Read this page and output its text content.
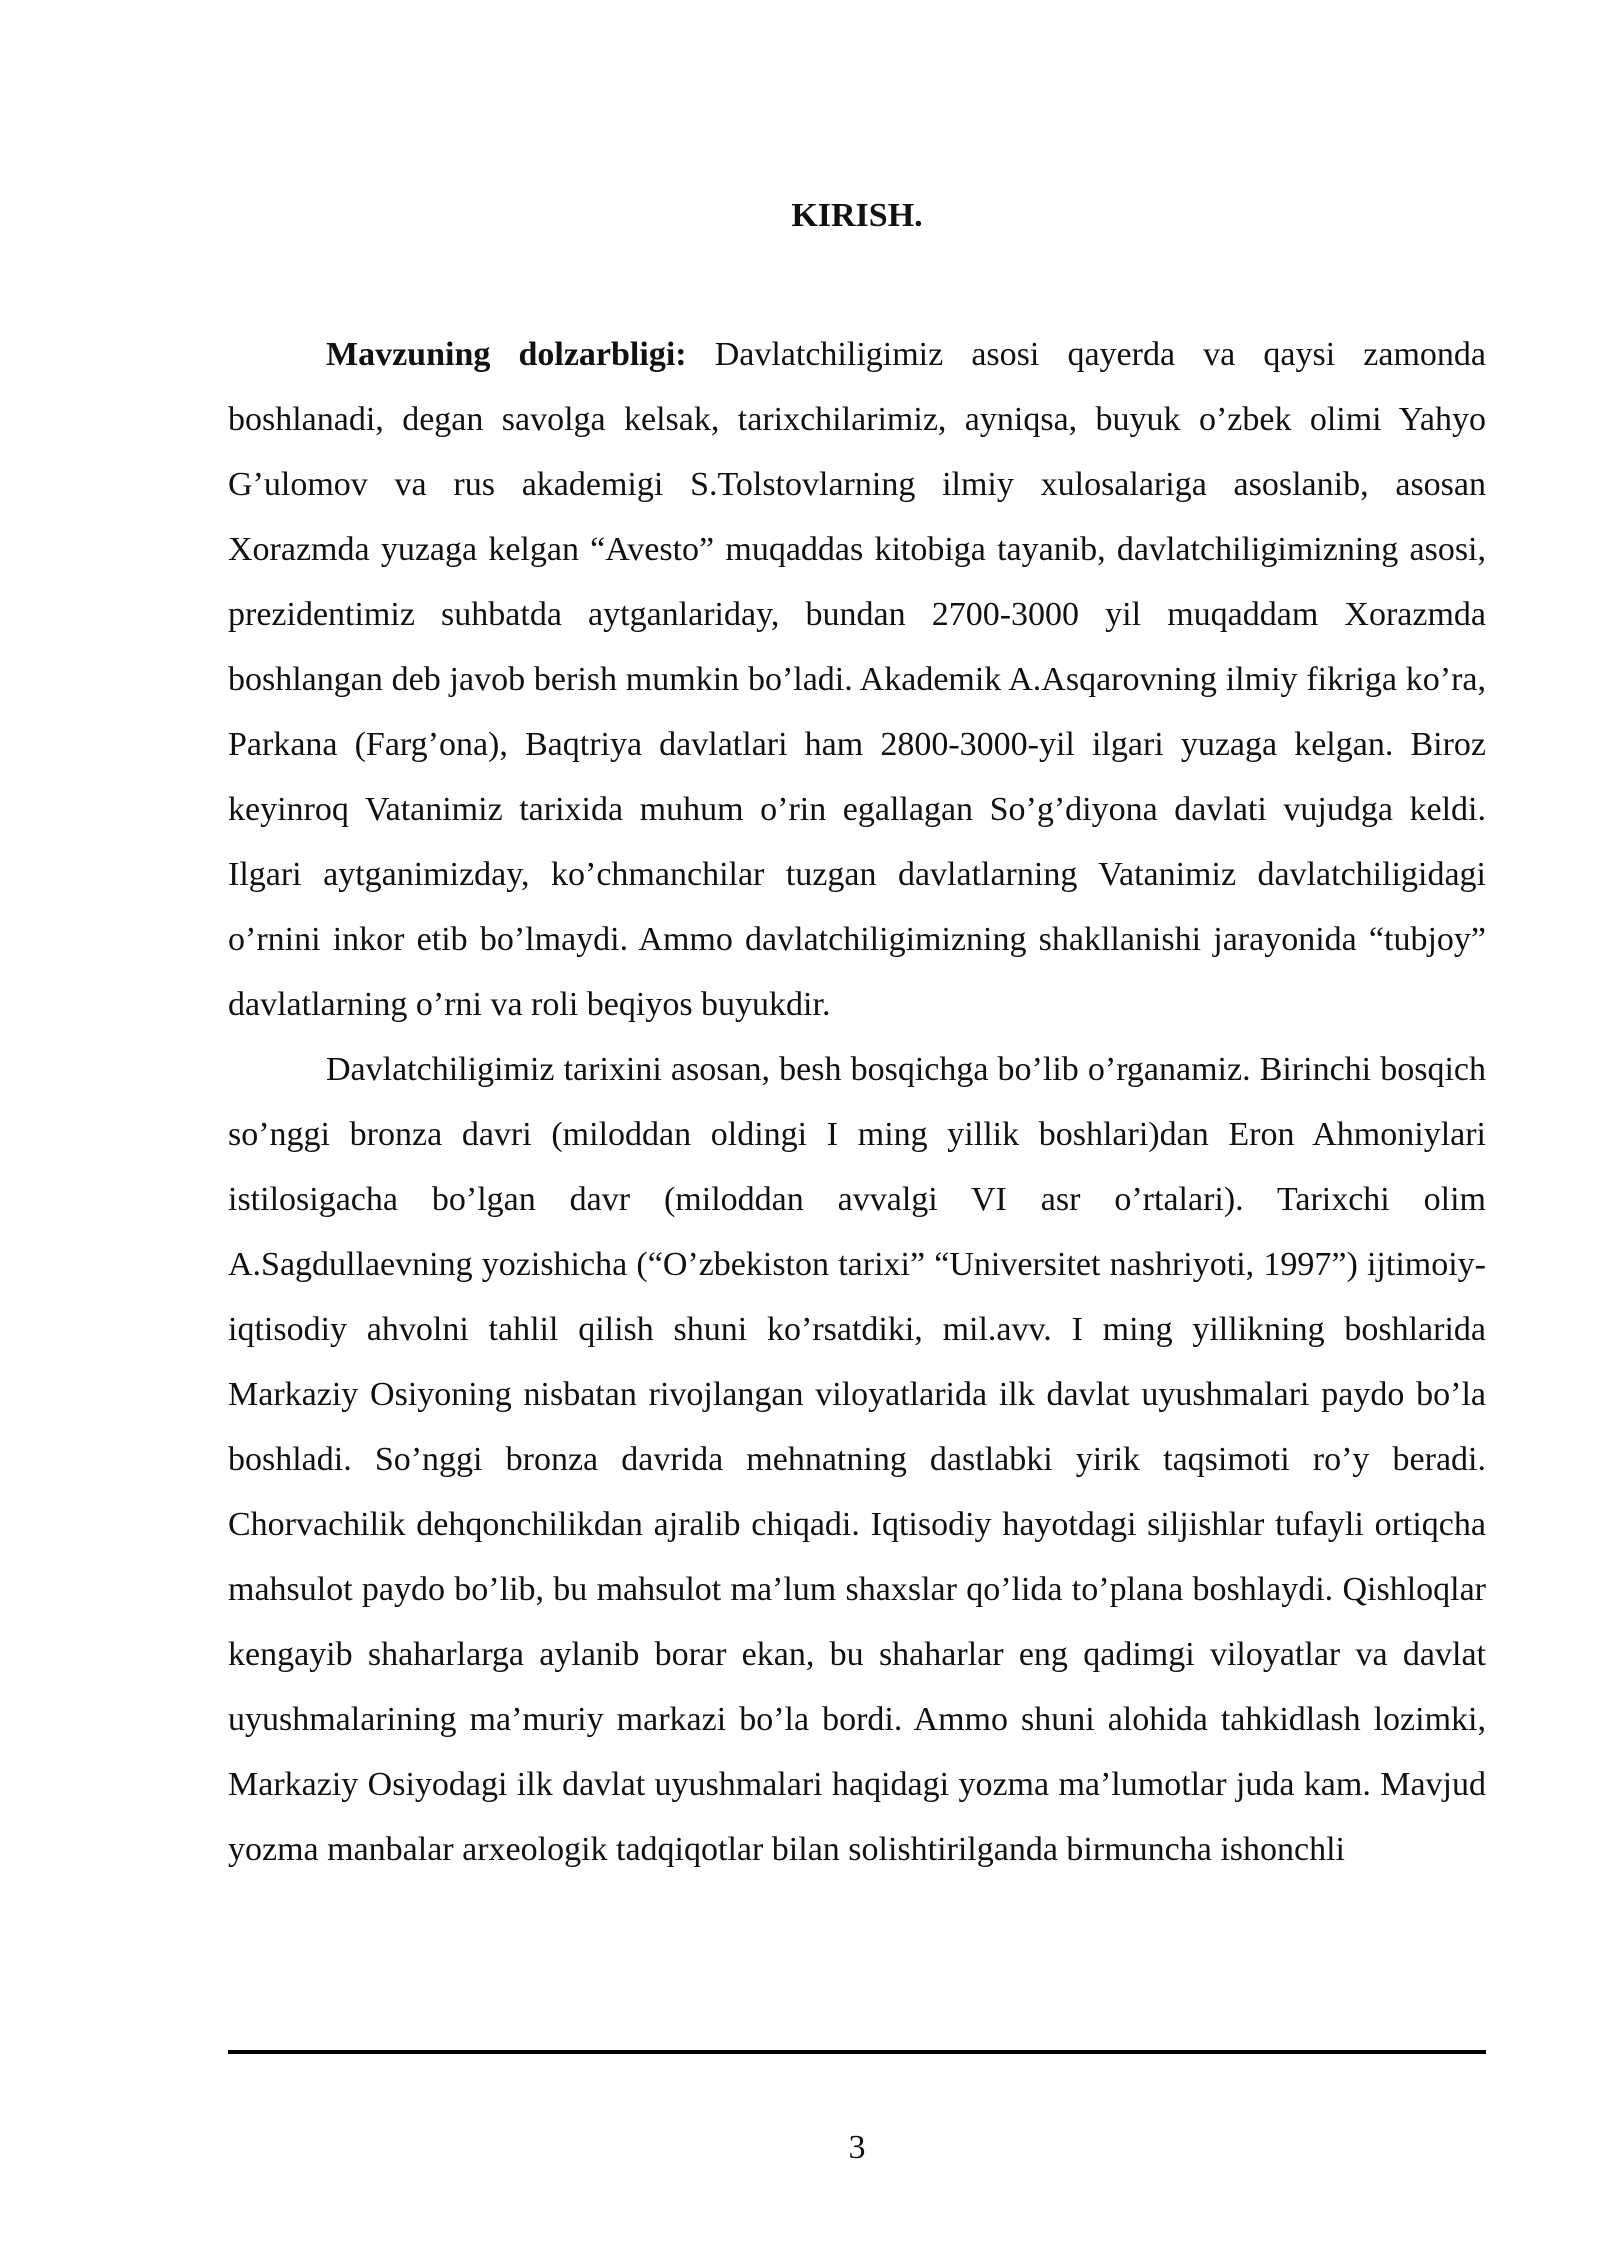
KIRISH.

Mavzuning dolzarbligi: Davlatchiligimiz asosi qayerda va qaysi zamonda boshlanadi, degan savolga kelsak, tarixchilarimiz, ayniqsa, buyuk o’zbek olimi Yahyo G’ulomov va rus akademigi S.Tolstovlarning ilmiy xulosalariga asoslanib, asosan Xorazmda yuzaga kelgan “Avesto” muqaddas kitobiga tayanib, davlatchiligimizning asosi, prezidentimiz suhbatda aytganlariday, bundan 2700-3000 yil muqaddam Xorazmda boshlangan deb javob berish mumkin bo’ladi. Akademik A.Asqarovning ilmiy fikriga ko’ra, Parkana (Farg’ona), Baqtriya davlatlari ham 2800-3000-yil ilgari yuzaga kelgan. Biroz keyinroq Vatanimiz tarixida muhum o’rin egallagan So’g’diyona davlati vujudga keldi. Ilgari aytganimizday, ko’chmanchilar tuzgan davlatlarning Vatanimiz davlatchiligidagi o’rnini inkor etib bo’lmaydi. Ammo davlatchiligimizning shakllanishi jarayonida “tubjoy” davlatlarning o’rni va roli beqiyos buyukdir.

Davlatchiligimiz tarixini asosan, besh bosqichga bo’lib o’rganamiz. Birinchi bosqich so’nggi bronza davri (miloddan oldingi I ming yillik boshlari)dan Eron Ahmoniylari istilosigacha bo’lgan davr (miloddan avvalgi VI asr o’rtalari). Tarixchi olim A.Sagdullaevning yozishicha (“O’zbekiston tarixi” “Universitet nashriyoti, 1997”) ijtimoiy-iqtisodiy ahvolni tahlil qilish shuni ko’rsatdiki, mil.avv. I ming yillikning boshlarida Markaziy Osiyoning nisbatan rivojlangan viloyatlarida ilk davlat uyushmalari paydo bo’la boshladi. So’nggi bronza davrida mehnatning dastlabki yirik taqsimoti ro’y beradi. Chorvachilik dehqonchilikdan ajralib chiqadi. Iqtisodiy hayotdagi siljishlar tufayli ortiqcha mahsulot paydo bo’lib, bu mahsulot ma’lum shaxslar qo’lida to’plana boshlaydi. Qishloqlar kengayib shaharlarga aylanib borar ekan, bu shaharlar eng qadimgi viloyatlar va davlat uyushmalarining ma’muriy markazi bo’la bordi. Ammo shuni alohida tahkidlash lozimki, Markaziy Osiyodagi ilk davlat uyushmalari haqidagi yozma ma’lumotlar juda kam. Mavjud yozma manbalar arxeologik tadqiqotlar bilan solishtirilganda birmuncha ishonchli

3
